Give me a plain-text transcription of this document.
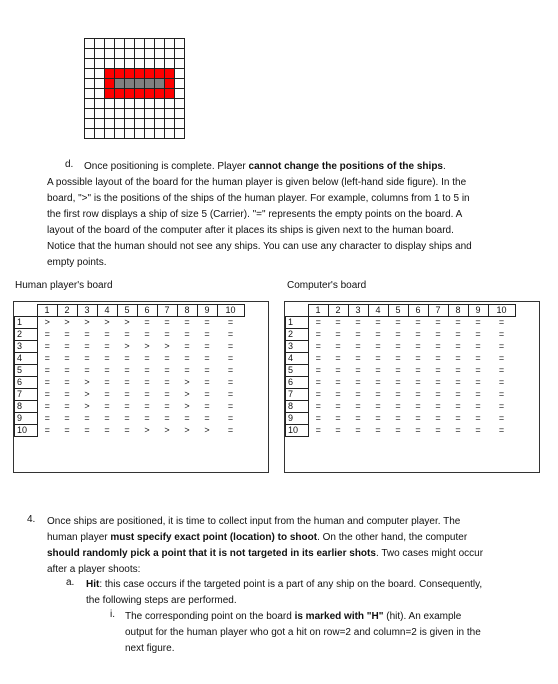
d. Once positioning is complete. Player cannot change the positions of the ships.

A possible layout of the board for the human player is given below (left-hand side figure). In the

board, ">" is the positions of the ships of the human player. For example, columns from 1 to 5 in

the first row displays a ship of size 5 (Carrier). "=" represents the empty points on the board. A

layout of the board of the computer after it places its ships is given next to the human board.

Notice that the human should not see any ships. You can use any character to display ships and

empty points.

Human player's board	Computer's board
	1	2	3	4	5	6	7	8	9	10
1	>	>	>	>	>	=	=	=	=	=
2	=	=	=	=	=	=	=	=	=	=
3	=	=	=	=	>	>	>	=	=	=
4	=	=	=	=	=	=	=	=	=	=
5	=	=	=	=	=	=	=	=	=	=
6	=	=	>	=	=	=	=	>	=	=
7	=	=	>	=	=	=	=	>	=	=
8	=	=	>	=	=	=	=	>	=	=
9	=	=	=	=	=	=	=	=	=	=
10	=	=	=	=	=	>	>	>	>	=
	1	2	3	4	5	6	7	8	9	10
1	=	=	=	=	=	=	=	=	=	=
2	=	=	=	=	=	=	=	=	=	=
3	=	=	=	=	=	=	=	=	=	=
4	=	=	=	=	=	=	=	=	=	=
5	=	=	=	=	=	=	=	=	=	=
6	=	=	=	=	=	=	=	=	=	=
7	=	=	=	=	=	=	=	=	=	=
8	=	=	=	=	=	=	=	=	=	=
9	=	=	=	=	=	=	=	=	=	=
10	=	=	=	=	=	=	=	=	=	=
4. Once ships are positioned, it is time to collect input from the human and computer player. The

human player must specify exact point (location) to shoot. On the other hand, the computer

should randomly pick a point that it is not targeted in its earlier shots. Two cases might occur

after a player shoots:

a. Hit: this case occurs if the targeted point is a part of any ship on the board. Consequently,

the following steps are performed.

i. The corresponding point on the board is marked with "H" (hit). An example

output for the human player who got a hit on row=2 and column=2 is given in the

next figure.
